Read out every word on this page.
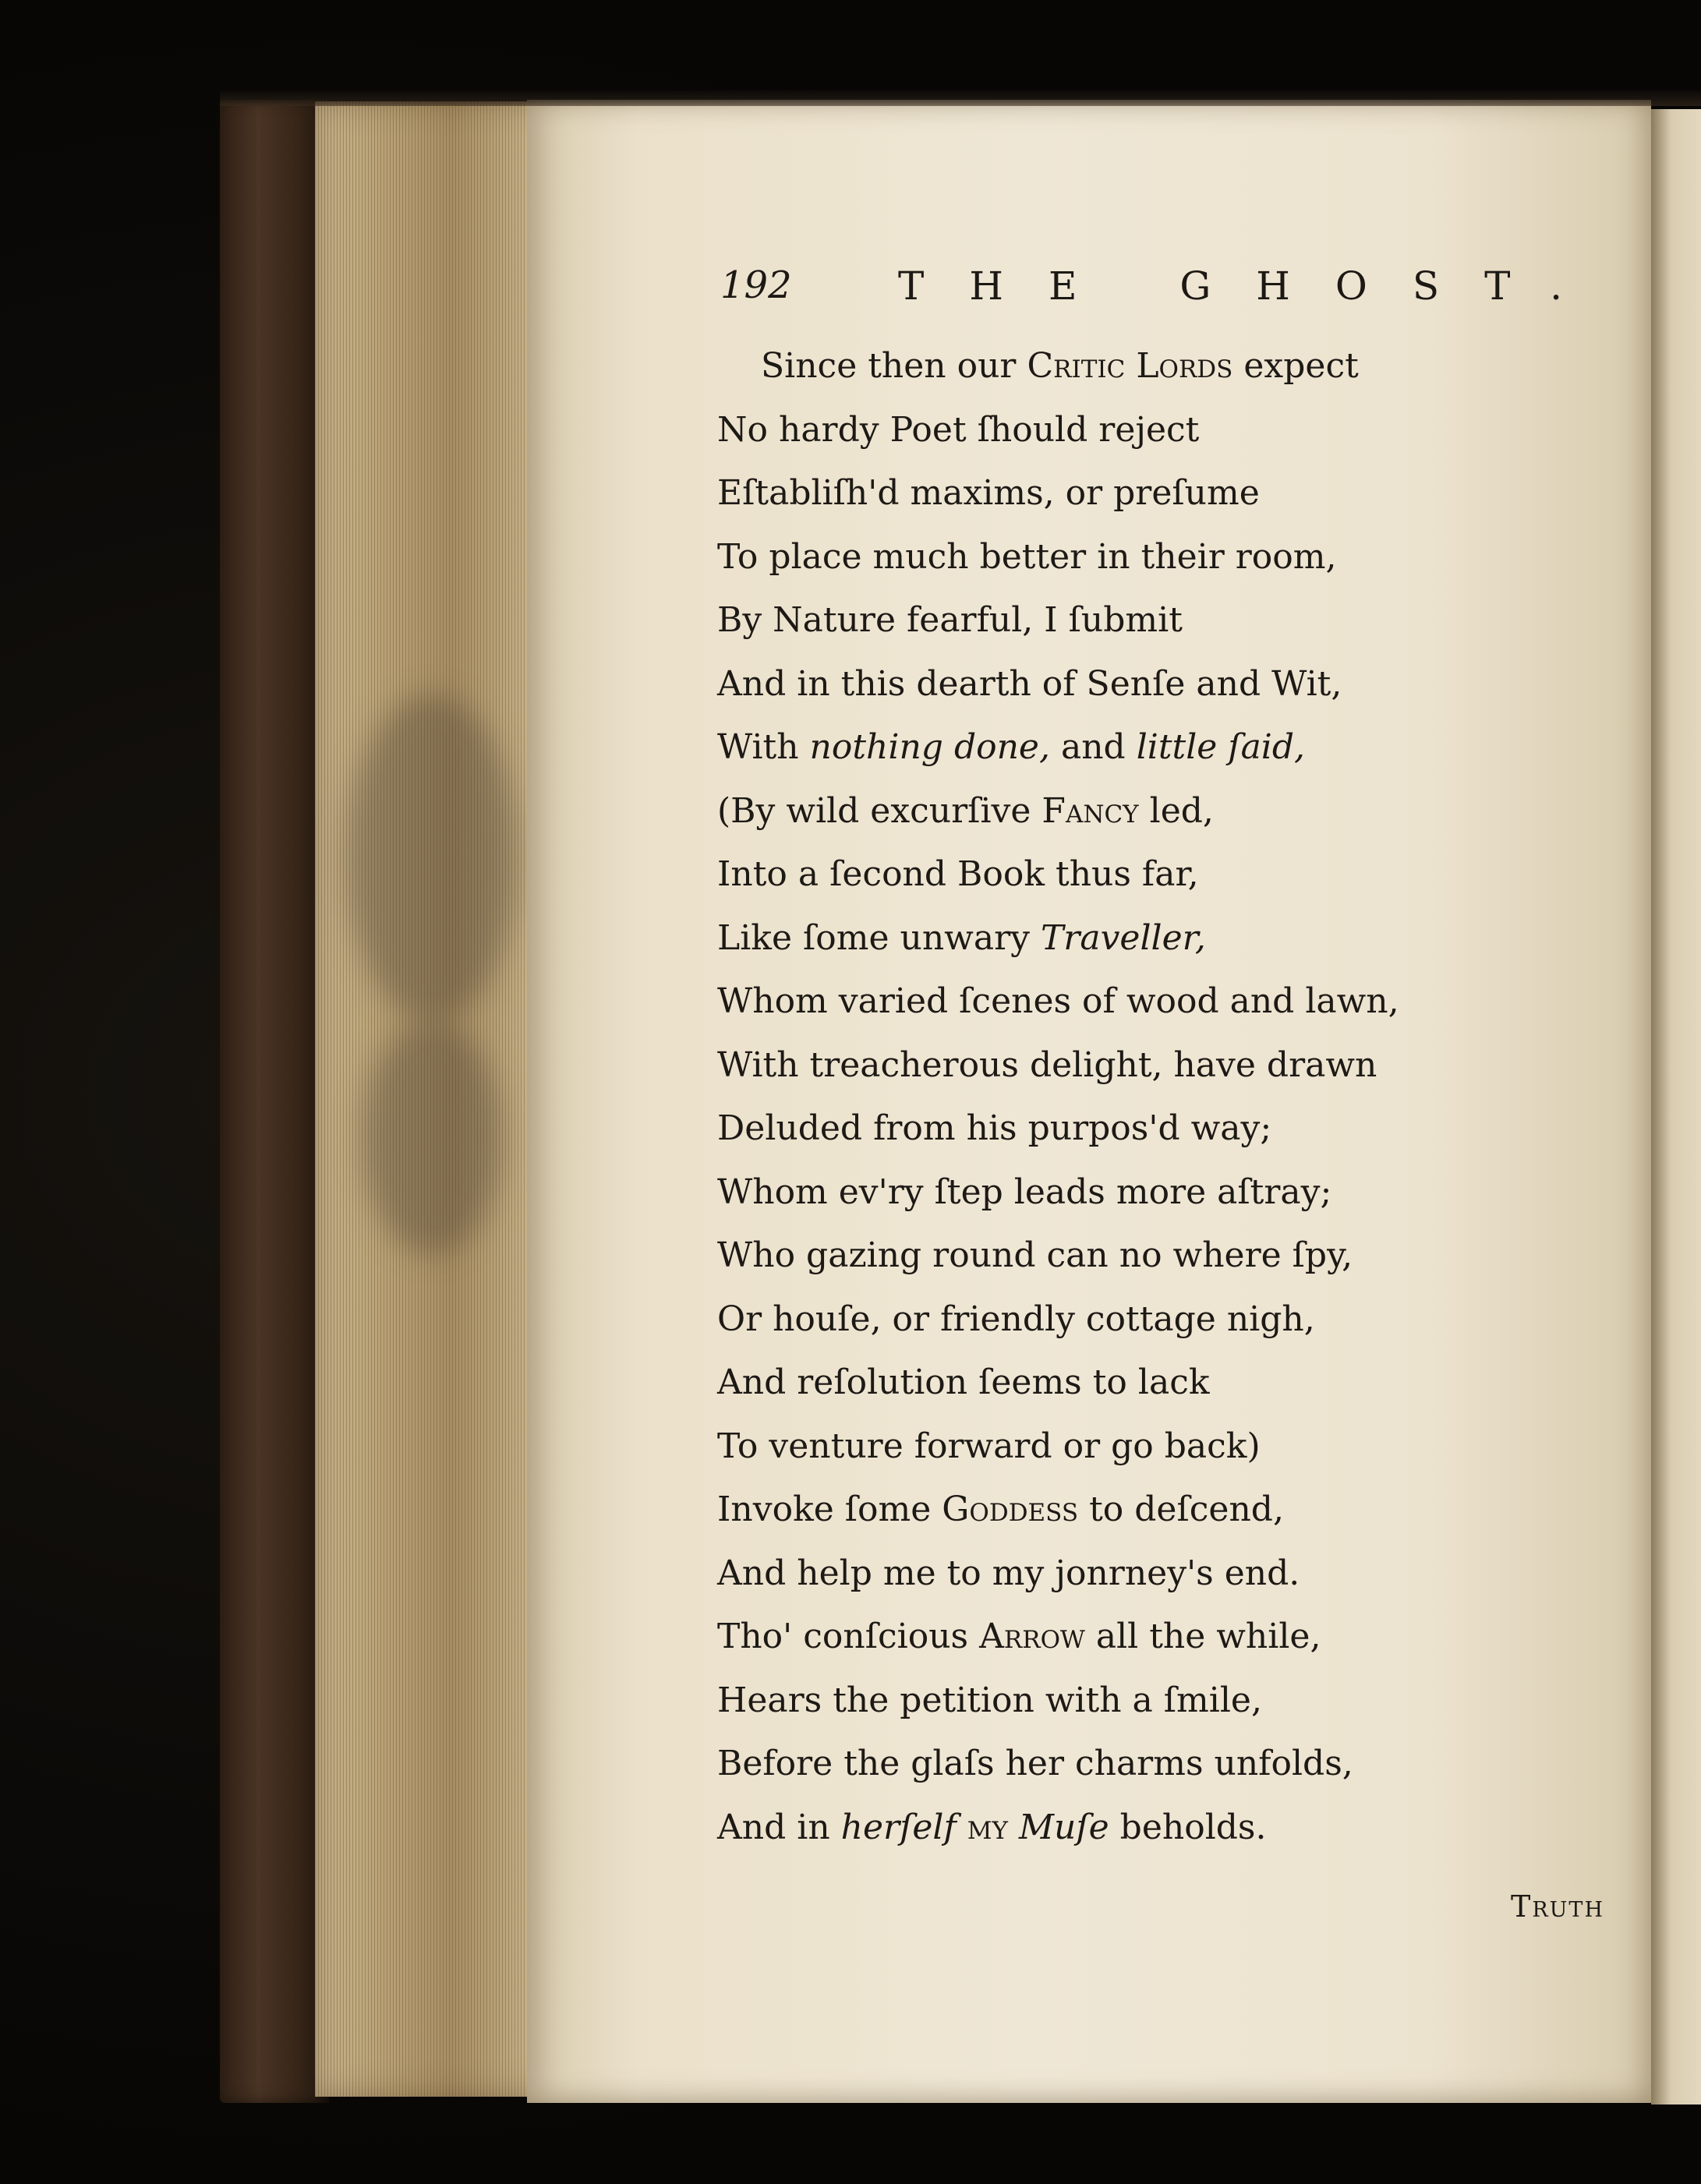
192	THE GHOST.
Since then our Critic Lords expect
No hardy Poet ſhould reject
Eſtabliſh'd maxims, or preſume
To place much better in their room,
By Nature fearful, I ſubmit
And in this dearth of Senſe and Wit,
With nothing done, and little ſaid,
(By wild excurſive Fancy led,
Into a ſecond Book thus far,
Like ſome unwary Traveller,
Whom varied ſcenes of wood and lawn,
With treacherous delight, have drawn
Deluded from his purpos'd way;
Whom ev'ry ſtep leads more aſtray;
Who gazing round can no where ſpy,
Or houſe, or friendly cottage nigh,
And reſolution ſeems to lack
To venture forward or go back)
Invoke ſome Goddess to deſcend,
And help me to my jonrney's end.
Tho' conſcious Arrow all the while,
Hears the petition with a ſmile,
Before the glaſs her charms unfolds,
And in herſelf my Muſe beholds.
Truth
